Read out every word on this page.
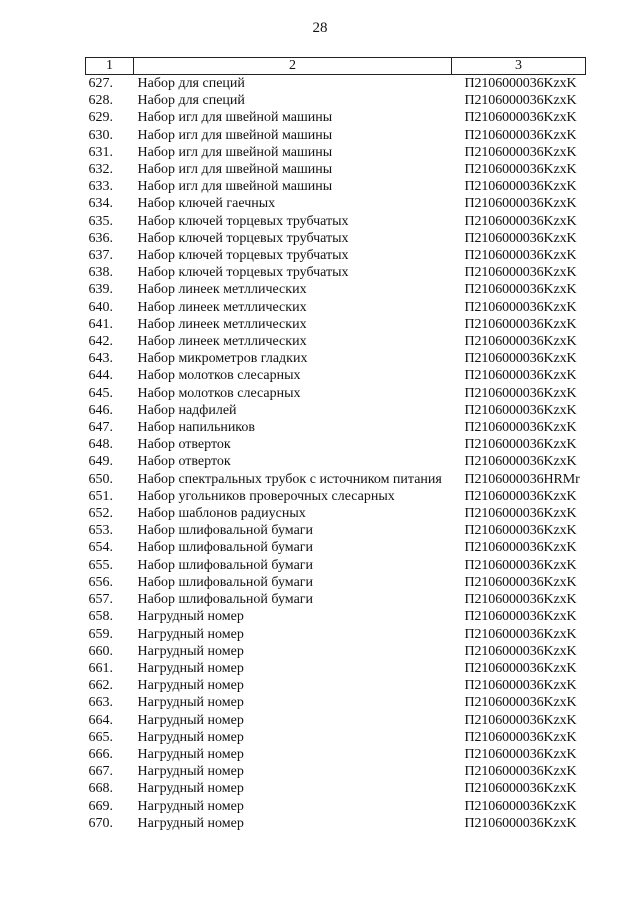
28
1	2	3
627.	Набор для специй	П2106000036KzxK
628.	Набор для специй	П2106000036KzxK
629.	Набор игл для швейной машины	П2106000036KzxK
630.	Набор игл для швейной машины	П2106000036KzxK
631.	Набор игл для швейной машины	П2106000036KzxK
632.	Набор игл для швейной машины	П2106000036KzxK
633.	Набор игл для швейной машины	П2106000036KzxK
634.	Набор ключей гаечных	П2106000036KzxK
635.	Набор ключей торцевых трубчатых	П2106000036KzxK
636.	Набор ключей торцевых трубчатых	П2106000036KzxK
637.	Набор ключей торцевых трубчатых	П2106000036KzxK
638.	Набор ключей торцевых трубчатых	П2106000036KzxK
639.	Набор линеек метллических	П2106000036KzxK
640.	Набор линеек метллических	П2106000036KzxK
641.	Набор линеек метллических	П2106000036KzxK
642.	Набор линеек метллических	П2106000036KzxK
643.	Набор микрометров гладких	П2106000036KzxK
644.	Набор молотков слесарных	П2106000036KzxK
645.	Набор молотков слесарных	П2106000036KzxK
646.	Набор надфилей	П2106000036KzxK
647.	Набор напильников	П2106000036KzxK
648.	Набор отверток	П2106000036KzxK
649.	Набор отверток	П2106000036KzxK
650.	Набор спектральных трубок с источником питания	П2106000036HRMr
651.	Набор угольников проверочных слесарных	П2106000036KzxK
652.	Набор шаблонов радиусных	П2106000036KzxK
653.	Набор шлифовальной бумаги	П2106000036KzxK
654.	Набор шлифовальной бумаги	П2106000036KzxK
655.	Набор шлифовальной бумаги	П2106000036KzxK
656.	Набор шлифовальной бумаги	П2106000036KzxK
657.	Набор шлифовальной бумаги	П2106000036KzxK
658.	Нагрудный номер	П2106000036KzxK
659.	Нагрудный номер	П2106000036KzxK
660.	Нагрудный номер	П2106000036KzxK
661.	Нагрудный номер	П2106000036KzxK
662.	Нагрудный номер	П2106000036KzxK
663.	Нагрудный номер	П2106000036KzxK
664.	Нагрудный номер	П2106000036KzxK
665.	Нагрудный номер	П2106000036KzxK
666.	Нагрудный номер	П2106000036KzxK
667.	Нагрудный номер	П2106000036KzxK
668.	Нагрудный номер	П2106000036KzxK
669.	Нагрудный номер	П2106000036KzxK
670.	Нагрудный номер	П2106000036KzxK
